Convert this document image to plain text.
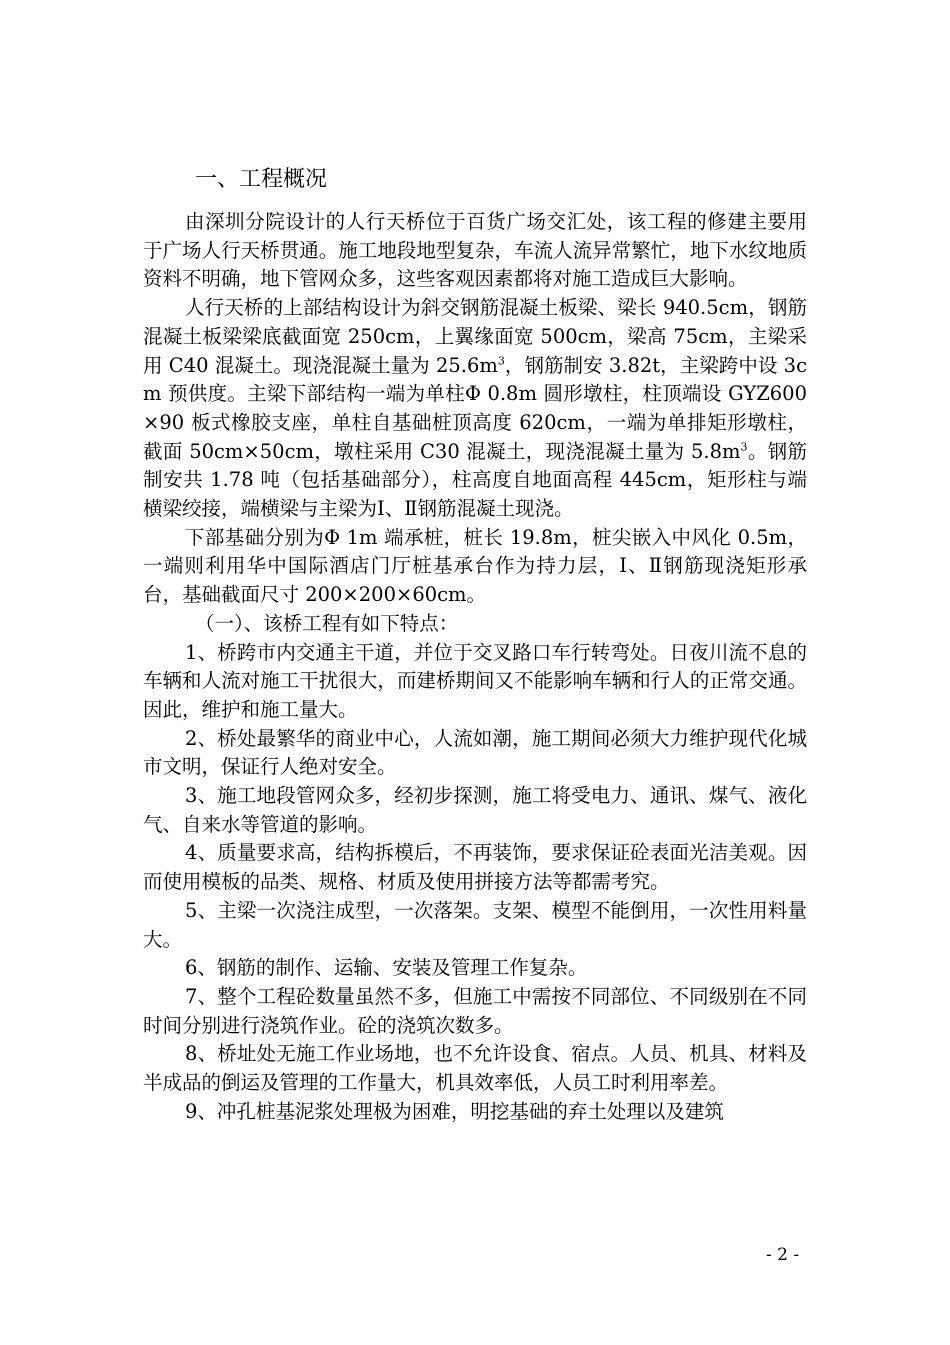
一、工程概况

由深圳分院设计的人行天桥位于百货广场交汇处，该工程的修建主要用于广场人行天桥贯通。施工地段地型复杂，车流人流异常繁忙，地下水纹地质资料不明确，地下管网众多，这些客观因素都将对施工造成巨大影响。

人行天桥的上部结构设计为斜交钢筋混凝土板梁、梁长 940.5cm，钢筋混凝土板梁梁底截面宽 250cm，上翼缘面宽 500cm，梁高 75cm，主梁采用 C40 混凝土。现浇混凝土量为 $25.6m^3$，钢筋制安 3.82t，主梁跨中设 3cm 预供度。主梁下部结构一端为单柱Φ 0.8m 圆形墩柱，柱顶端设 GYZ600×90 板式橡胶支座，单柱自基础桩顶高度 620cm，一端为单排矩形墩柱，截面 50cm×50cm，墩柱采用 C30 混凝土，现浇混凝土量为 $5.8m^3$。钢筋制安共 1.78 吨（包括基础部分），柱高度自地面高程 445cm，矩形柱与端横梁绞接，端横梁与主梁为Ⅰ、Ⅱ钢筋混凝土现浇。

下部基础分别为Φ 1m 端承桩，桩长 19.8m，桩尖嵌入中风化 0.5m，一端则利用华中国际酒店门厅桩基承台作为持力层，Ⅰ、Ⅱ钢筋现浇矩形承台，基础截面尺寸 200×200×60cm。

（一）、该桥工程有如下特点：

1、桥跨市内交通主干道，并位于交叉路口车行转弯处。日夜川流不息的车辆和人流对施工干扰很大，而建桥期间又不能影响车辆和行人的正常交通。因此，维护和施工量大。

2、桥处最繁华的商业中心，人流如潮，施工期间必须大力维护现代化城市文明，保证行人绝对安全。

3、施工地段管网众多，经初步探测，施工将受电力、通讯、煤气、液化气、自来水等管道的影响。

4、质量要求高，结构拆模后，不再装饰，要求保证砼表面光洁美观。因而使用模板的品类、规格、材质及使用拼接方法等都需考究。

5、主梁一次浇注成型，一次落架。支架、模型不能倒用，一次性用料量大。

6、钢筋的制作、运输、安装及管理工作复杂。

7、整个工程砼数量虽然不多，但施工中需按不同部位、不同级别在不同时间分别进行浇筑作业。砼的浇筑次数多。

8、桥址处无施工作业场地，也不允许设食、宿点。人员、机具、材料及半成品的倒运及管理的工作量大，机具效率低，人员工时利用率差。

9、冲孔桩基泥浆处理极为困难，明挖基础的弃土处理以及建筑

- 2 -
